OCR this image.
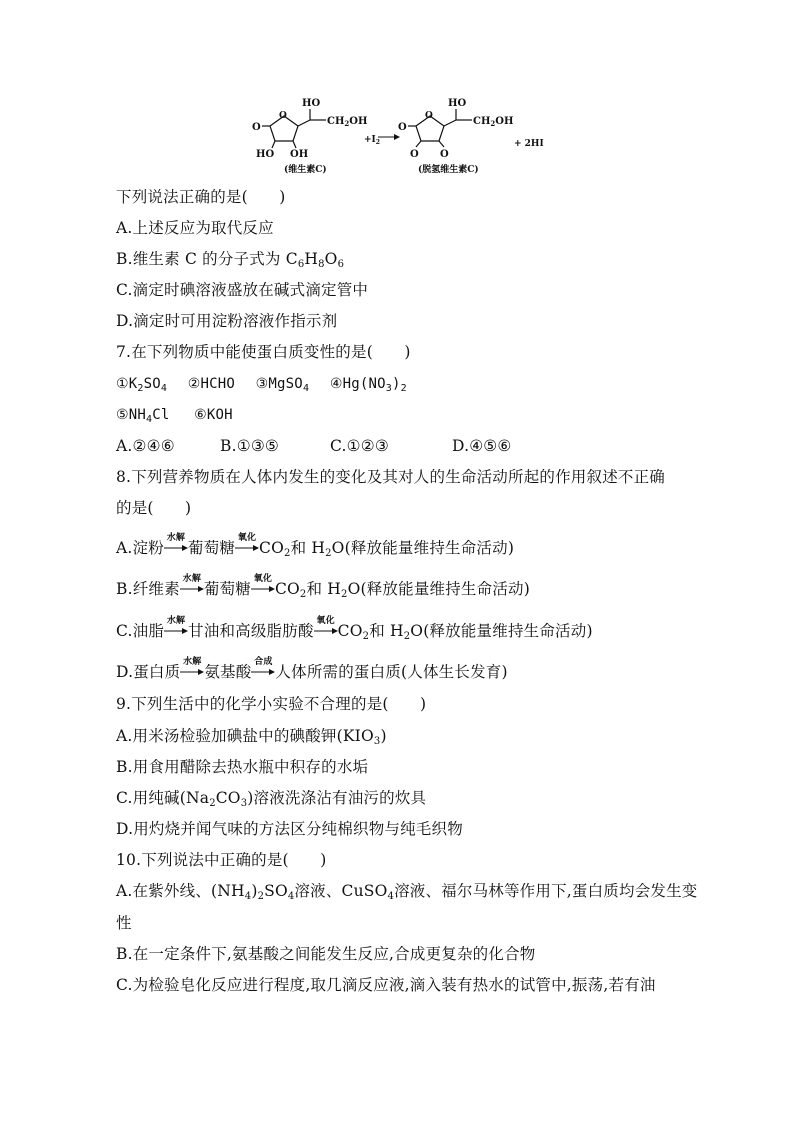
HO
O	$CH_2OH$
O
HO OH
(维生素C)
$+I_2$
HO
O	$CH_2OH$
O
O O
(脱氢维生素C)
+ 2HI
下列说法正确的是(　　)
A.上述反应为取代反应
B.维生素 C 的分子式为 $C_6H_8O_6$
C.滴定时碘溶液盛放在碱式滴定管中
D.滴定时可用淀粉溶液作指示剂
7.在下列物质中能使蛋白质变性的是(　　)
$①K_2SO_4$ ②HCHO ③MgSO$_4$ $④Hg(NO_3)_2$
$⑤NH_4Cl$ ⑥KOH
A.②④⑥	B.①③⑤	C.①②③	D.④⑤⑥
8.下列营养物质在人体内发生的变化及其对人的生命活动所起的作用叙述不正确
的是(　　)
A.淀粉
水解
葡萄糖
氧化
$CO_2$和 $H_2O$(释放能量维持生命活动)
B.纤维素
水解
葡萄糖
氧化
$CO_2$和 $H_2O$(释放能量维持生命活动)
C.油脂
水解
甘油和高级脂肪酸
氧化
$CO_2$和 $H_2O$(释放能量维持生命活动)
D.蛋白质
水解
氨基酸
合成
人体所需的蛋白质(人体生长发育)
9.下列生活中的化学小实验不合理的是(　　)
A.用米汤检验加碘盐中的碘酸钾$(KIO_3)$
B.用食用醋除去热水瓶中积存的水垢
C.用纯碱$(Na_2CO_3)$溶液洗涤沾有油污的炊具
D.用灼烧并闻气味的方法区分纯棉织物与纯毛织物
10.下列说法中正确的是(　　)
A.在紫外线、$(NH_4)_2SO_4$溶液、CuSO$_4$溶液、福尔马林等作用下,蛋白质均会发生变
性
B.在一定条件下,氨基酸之间能发生反应,合成更复杂的化合物
C.为检验皂化反应进行程度,取几滴反应液,滴入装有热水的试管中,振荡,若有油
